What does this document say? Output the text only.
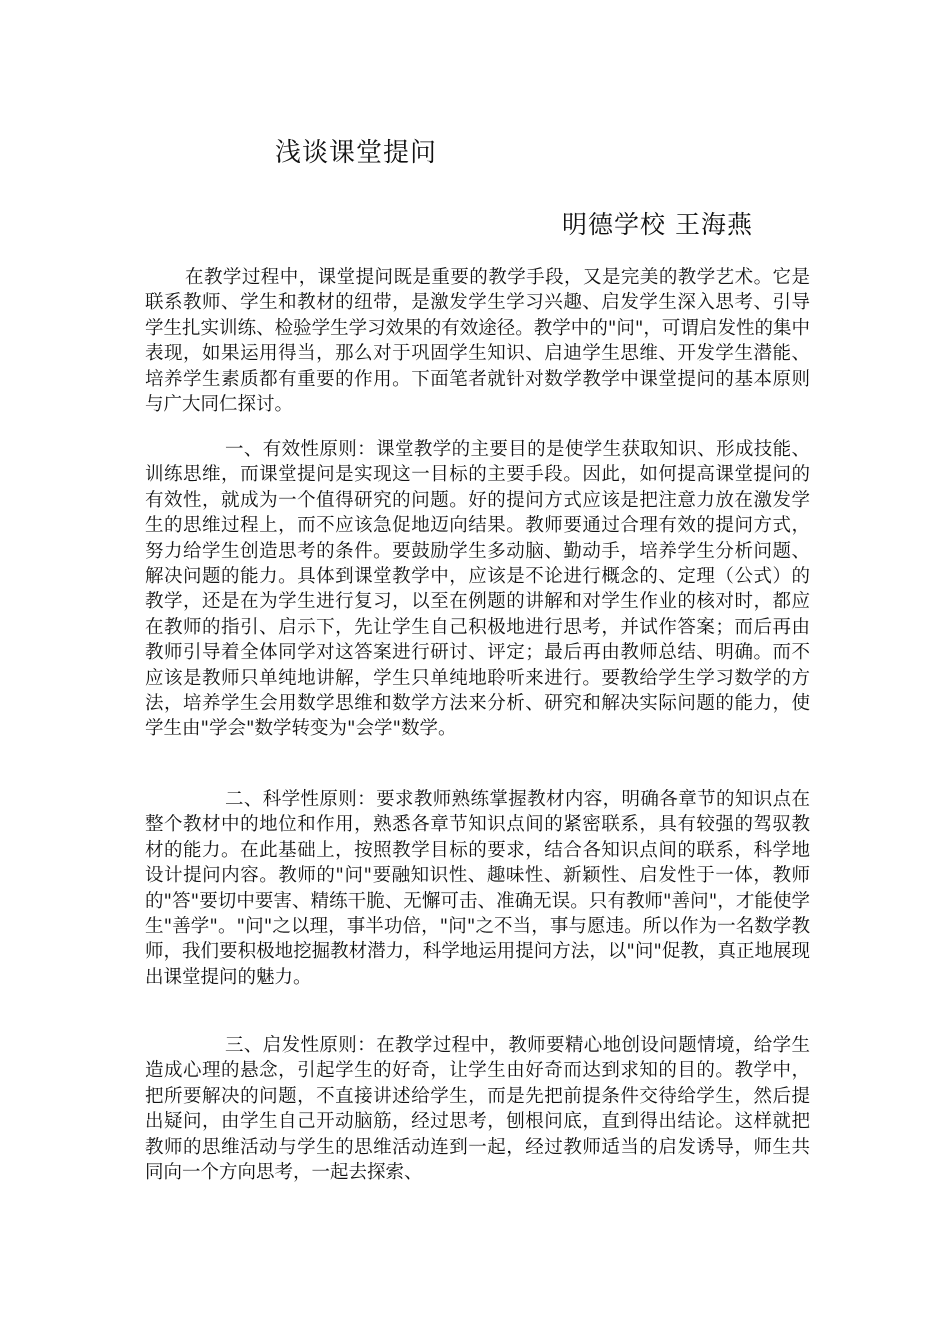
浅谈课堂提问
明德学校 王海燕

在教学过程中，课堂提问既是重要的教学手段，又是完美的教学艺术。它是联系教师、学生和教材的纽带，是激发学生学习兴趣、启发学生深入思考、引导学生扎实训练、检验学生学习效果的有效途径。教学中的"问"，可谓启发性的集中表现，如果运用得当，那么对于巩固学生知识、启迪学生思维、开发学生潜能、培养学生素质都有重要的作用。下面笔者就针对数学教学中课堂提问的基本原则与广大同仁探讨。

一、有效性原则：课堂教学的主要目的是使学生获取知识、形成技能、训练思维，而课堂提问是实现这一目标的主要手段。因此，如何提高课堂提问的有效性，就成为一个值得研究的问题。好的提问方式应该是把注意力放在激发学生的思维过程上，而不应该急促地迈向结果。教师要通过合理有效的提问方式，努力给学生创造思考的条件。要鼓励学生多动脑、勤动手，培养学生分析问题、解决问题的能力。具体到课堂教学中，应该是不论进行概念的、定理（公式）的教学，还是在为学生进行复习，以至在例题的讲解和对学生作业的核对时，都应在教师的指引、启示下，先让学生自己积极地进行思考，并试作答案；而后再由教师引导着全体同学对这答案进行研讨、评定；最后再由教师总结、明确。而不应该是教师只单纯地讲解，学生只单纯地聆听来进行。要教给学生学习数学的方法，培养学生会用数学思维和数学方法来分析、研究和解决实际问题的能力，使学生由"学会"数学转变为"会学"数学。

二、科学性原则：要求教师熟练掌握教材内容，明确各章节的知识点在整个教材中的地位和作用，熟悉各章节知识点间的紧密联系，具有较强的驾驭教材的能力。在此基础上，按照教学目标的要求，结合各知识点间的联系，科学地设计提问内容。教师的"问"要融知识性、趣味性、新颖性、启发性于一体，教师的"答"要切中要害、精练干脆、无懈可击、准确无误。只有教师"善问"，才能使学生"善学"。"问"之以理，事半功倍，"问"之不当，事与愿违。所以作为一名数学教师，我们要积极地挖掘教材潜力，科学地运用提问方法，以"问"促教，真正地展现出课堂提问的魅力。

三、启发性原则：在教学过程中，教师要精心地创设问题情境，给学生造成心理的悬念，引起学生的好奇，让学生由好奇而达到求知的目的。教学中，把所要解决的问题，不直接讲述给学生，而是先把前提条件交待给学生，然后提出疑问，由学生自己开动脑筋，经过思考，刨根问底，直到得出结论。这样就把教师的思维活动与学生的思维活动连到一起，经过教师适当的启发诱导，师生共同向一个方向思考，一起去探索、
